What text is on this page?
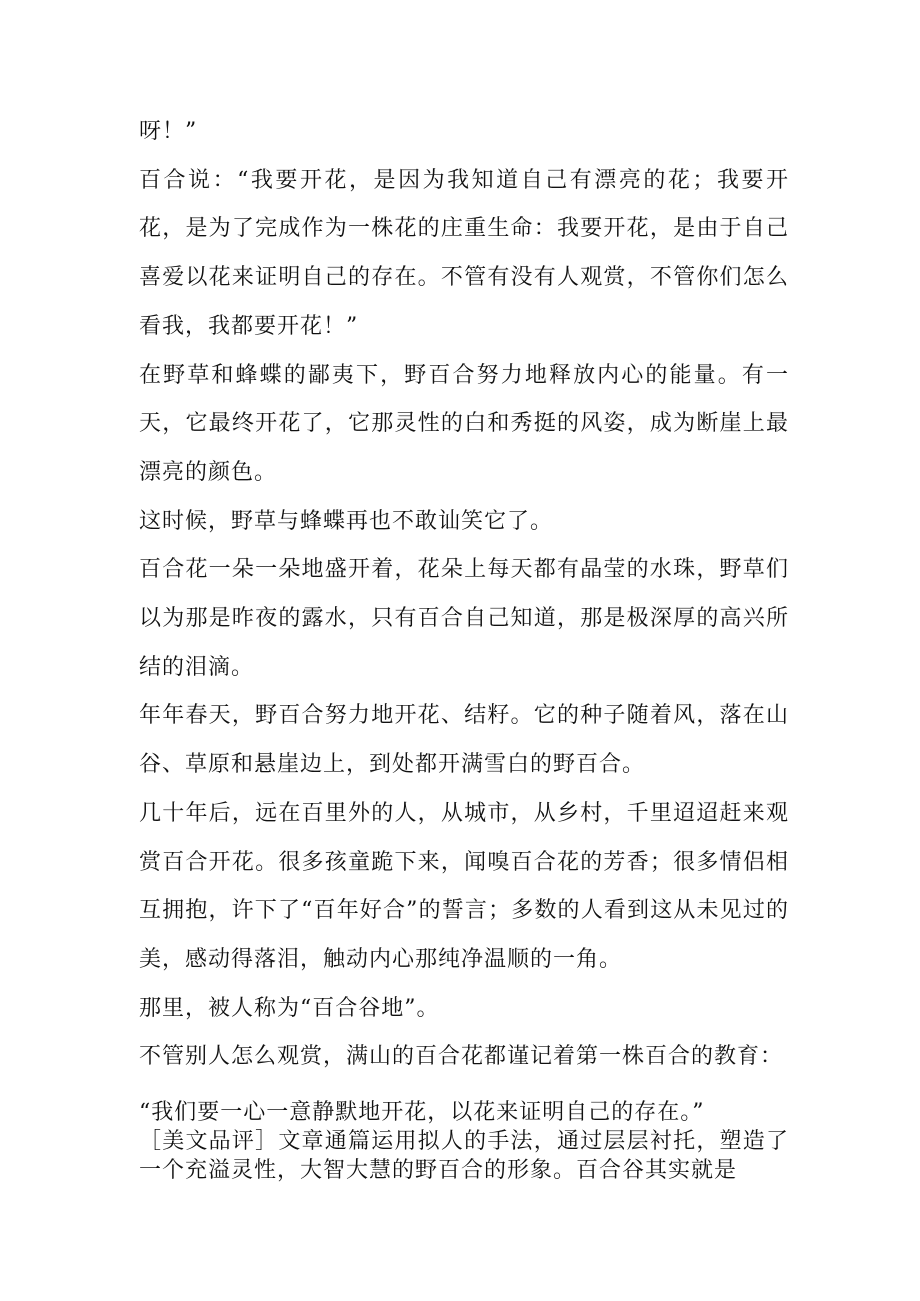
呀！”

百合说：“我要开花，是因为我知道自己有漂亮的花；我要开花，是为了完成作为一株花的庄重生命：我要开花，是由于自己喜爱以花来证明自己的存在。不管有没有人观赏，不管你们怎么看我，我都要开花！”

在野草和蜂蝶的鄙夷下，野百合努力地释放内心的能量。有一天，它最终开花了，它那灵性的白和秀挺的风姿，成为断崖上最漂亮的颜色。

这时候，野草与蜂蝶再也不敢讪笑它了。

百合花一朵一朵地盛开着，花朵上每天都有晶莹的水珠，野草们以为那是昨夜的露水，只有百合自己知道，那是极深厚的高兴所结的泪滴。

年年春天，野百合努力地开花、结籽。它的种子随着风，落在山谷、草原和悬崖边上，到处都开满雪白的野百合。

几十年后，远在百里外的人，从城市，从乡村，千里迢迢赶来观赏百合开花。很多孩童跪下来，闻嗅百合花的芳香；很多情侣相互拥抱，许下了“百年好合”的誓言；多数的人看到这从未见过的美，感动得落泪，触动内心那纯净温顺的一角。

那里，被人称为“百合谷地”。

不管别人怎么观赏，满山的百合花都谨记着第一株百合的教育：

“我们要一心一意静默地开花，以花来证明自己的存在。”

［美文品评］文章通篇运用拟人的手法，通过层层衬托，塑造了一个充溢灵性，大智大慧的野百合的形象。百合谷其实就是
